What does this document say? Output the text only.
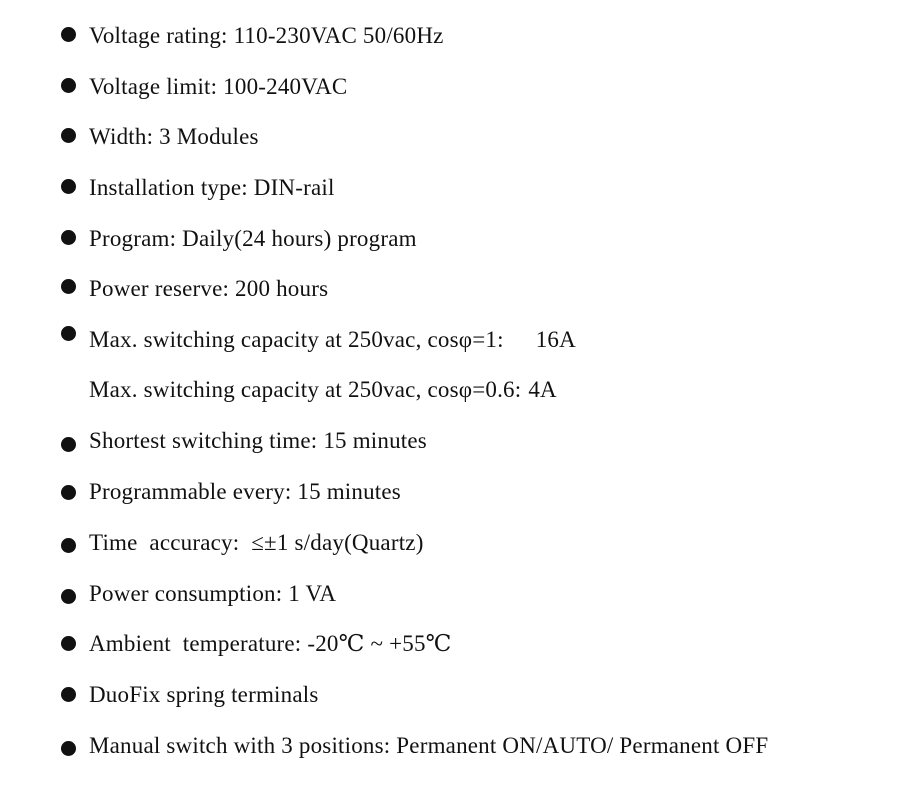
Voltage rating: 110-230VAC 50/60Hz
Voltage limit: 100-240VAC
Width: 3 Modules
Installation type: DIN-rail
Program: Daily(24 hours) program
Power reserve: 200 hours
Max. switching capacity at 250vac, cosφ=1: 16A
Max. switching capacity at 250vac, cosφ=0.6: 4A
Shortest switching time: 15 minutes
Programmable every: 15 minutes
Time  accuracy:  ≤±1 s/day(Quartz)
Power consumption: 1 VA
Ambient  temperature: -20℃ ~ +55℃
DuoFix spring terminals
Manual switch with 3 positions: Permanent ON/AUTO/ Permanent OFF
